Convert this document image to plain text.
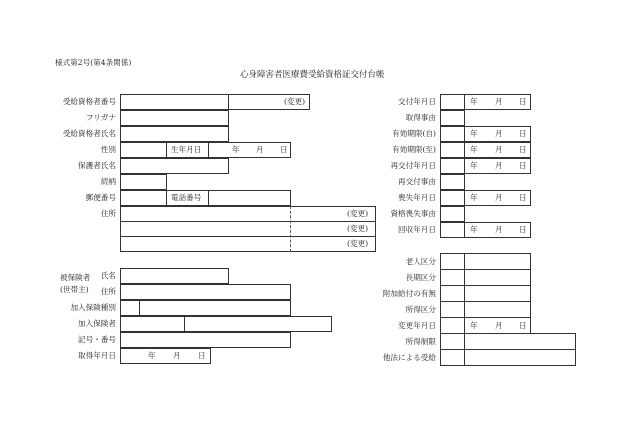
様式第2号(第4条関係)
心身障害者医療費受給資格証交付台帳
受給資格者番号	(変更)
フリガナ
受給資格者氏名
性別	生年月日	年 月 日
保護者氏名
続柄
郵便番号	電話番号
住所	(変更)
(変更)
(変更)
被保険者
(世帯主)
氏名
住所
加入保険種別
加入保険者
記号・番号
取得年月日	年 月 日
交付年月日	年 月 日
取得事由
有効期限(自)	年 月 日
有効期限(至)	年 月 日
再交付年月日	年 月 日
再交付事由
喪失年月日	年 月 日
資格喪失事由
回収年月日	年 月 日
老人区分
長期区分
附加給付の有無
所得区分
変更年月日	年 月 日
所得制限
他法による受給
